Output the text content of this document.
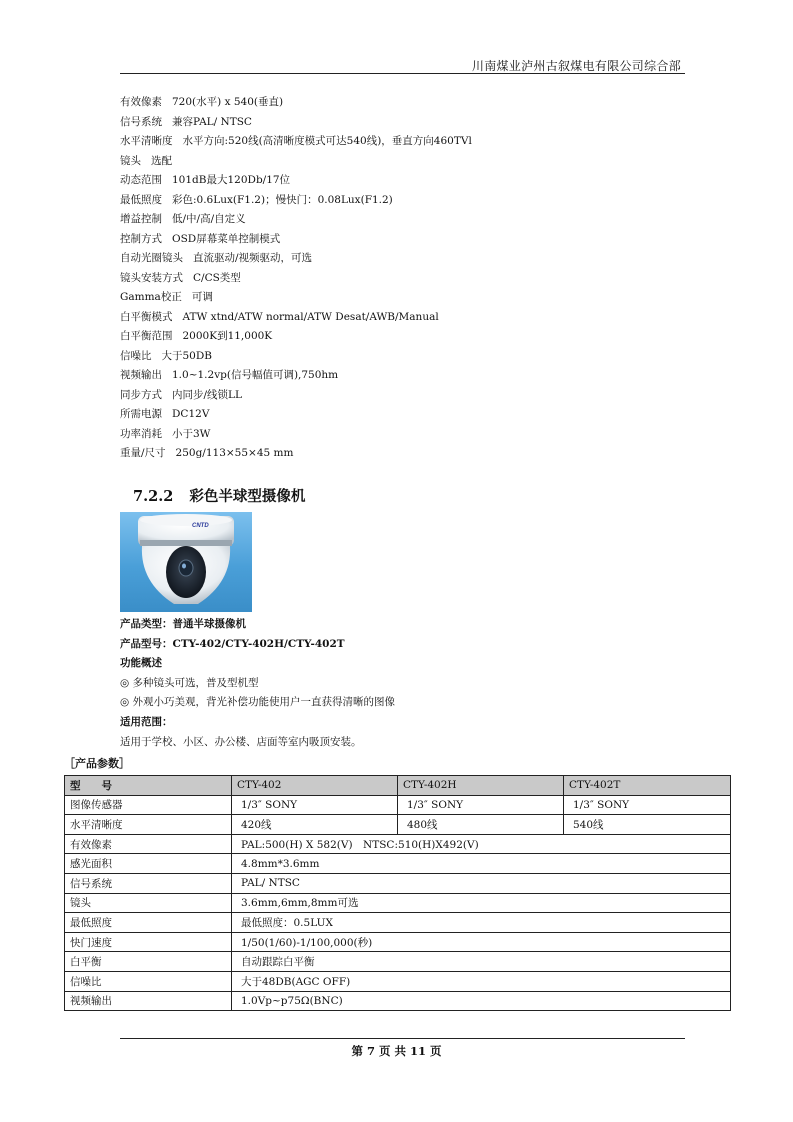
川南煤业泸州古叙煤电有限公司综合部
有效像素 720(水平) x 540(垂直)
信号系统 兼容PAL/ NTSC
水平清晰度 水平方向:520线(高清晰度模式可达540线)，垂直方向460TVl
镜头 选配
动态范围 101dB最大120Db/17位
最低照度 彩色:0.6Lux(F1.2)；慢快门：0.08Lux(F1.2)
增益控制 低/中/高/自定义
控制方式 OSD屏幕菜单控制模式
自动光圈镜头 直流驱动/视频驱动，可选
镜头安装方式 C/CS类型
Gamma校正 可调
白平衡模式 ATW xtnd/ATW normal/ATW Desat/AWB/Manual
白平衡范围 2000K到11,000K
信噪比 大于50DB
视频输出 1.0~1.2vp(信号幅值可调),750hm
同步方式 内同步/线锁LL
所需电源 DC12V
功率消耗 小于3W
重量/尺寸 250g/113×55×45 mm
7.2.2 彩色半球型摄像机
CNTD
产品类型：普通半球摄像机
产品型号：CTY-402/CTY-402H/CTY-402T
功能概述
◎ 多种镜头可选，普及型机型
◎ 外观小巧美观，背光补偿功能使用户一直获得清晰的图像
适用范围：
适用于学校、小区、办公楼、店面等室内吸顶安装。
［产品参数］
型　　号	CTY-402	CTY-402H	CTY-402T
图像传感器	1/3″ SONY	1/3″ SONY	1/3″ SONY
水平清晰度	420线	480线	540线
有效像素	PAL:500(H) X 582(V)　NTSC:510(H)X492(V)		
感光面积	4.8mm*3.6mm		
信号系统	PAL/ NTSC		
镜头	3.6mm,6mm,8mm可选		
最低照度	最低照度：0.5LUX		
快门速度	1/50(1/60)-1/100,000(秒)		
白平衡	自动跟踪白平衡		
信噪比	大于48DB(AGC OFF)		
视频输出	1.0Vp~p75Ω(BNC)		
第 7 页 共 11 页
